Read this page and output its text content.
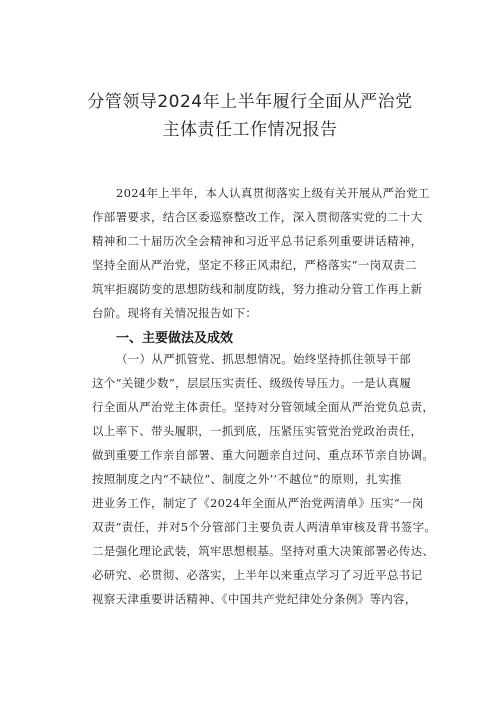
分管领导2024年上半年履行全面从严治党
主体责任工作情况报告
2024年上半年，本人认真贯彻落实上级有关开展从严治党工
作部署要求，结合区委巡察整改工作，深入贯彻落实党的二十大
精神和二十届历次全会精神和习近平总书记系列重要讲话精神，
坚持全面从严治党，坚定不移正风肃纪，严格落实“一岗双责二
筑牢拒腐防变的思想防线和制度防线，努力推动分管工作再上新
台阶。现将有关情况报告如下：
一、主要做法及成效
（一）从严抓管党、抓思想情况。始终坚持抓住领导干部
这个“关键少数”，层层压实责任、级级传导压力。一是认真履
行全面从严治党主体责任。坚持对分管领域全面从严治党负总责，
以上率下、带头履职，一抓到底，压紧压实管党治党政治责任，
做到重要工作亲自部署、重大问题亲自过问、重点环节亲自协调。
按照制度之内“不缺位”、制度之外’’不越位”的原则，扎实推
进业务工作，制定了《2024年全面从严治党两清单》压实“一岗
双责”责任，并对5个分管部门主要负责人两清单审核及背书签字。
二是强化理论武装，筑牢思想根基。坚持对重大决策部署必传达、
必研究、必贯彻、必落实，上半年以来重点学习了习近平总书记
视察天津重要讲话精神、《中国共产党纪律处分条例》等内容，
